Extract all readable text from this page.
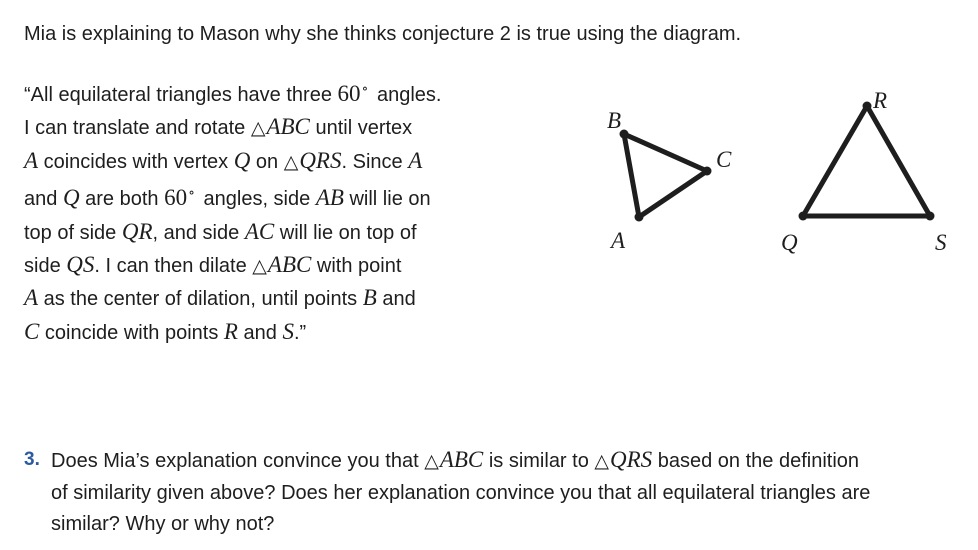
Mia is explaining to Mason why she thinks conjecture 2 is true using the diagram.
“All equilateral triangles have three 60∘ angles.
I can translate and rotate △ABC until vertex
A coincides with vertex Q on △QRS. Since A
and Q are both 60∘ angles, side AB will lie on
top of side QR, and side AC will lie on top of
side QS. I can then dilate △ABC with point
A as the center of dilation, until points B and
C coincide with points R and S.”
B
C
A
R
Q	S
3. Does Mia’s explanation convince you that △ABC is similar to △QRS based on the definition
of similarity given above? Does her explanation convince you that all equilateral triangles are
similar? Why or why not?
